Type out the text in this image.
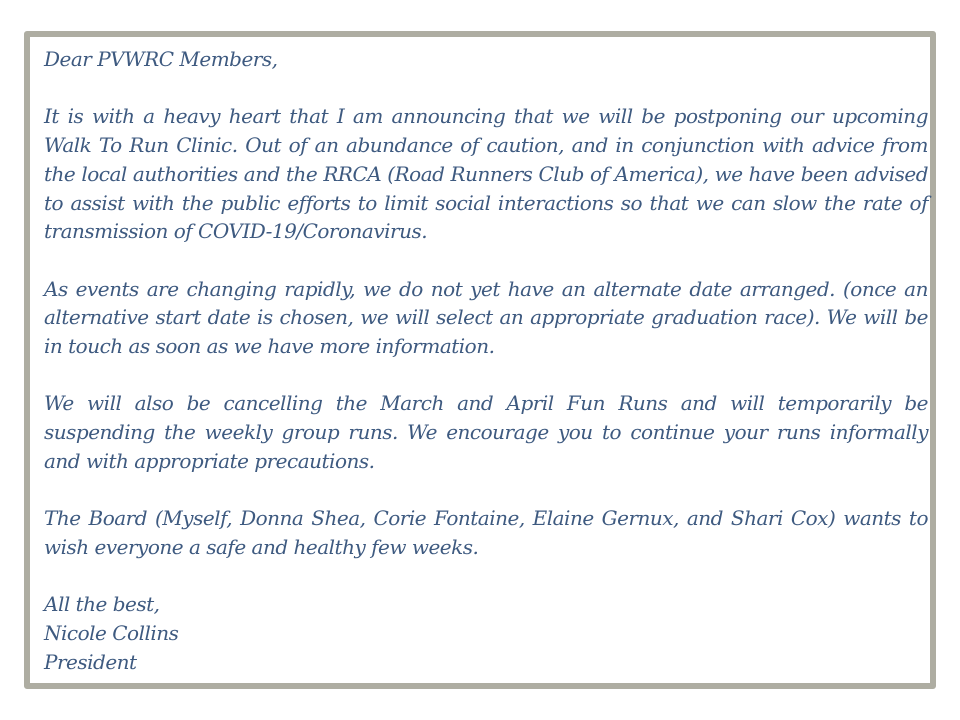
Dear PVWRC Members,

It is with a heavy heart that I am announcing that we will be postponing our upcoming Walk To Run Clinic. Out of an abundance of caution, and in conjunction with advice from the local authorities and the RRCA (Road Runners Club of America), we have been advised to assist with the public efforts to limit social interactions so that we can slow the rate of transmission of COVID-19/Coronavirus.

As events are changing rapidly, we do not yet have an alternate date arranged. (once an alternative start date is chosen, we will select an appropriate graduation race). We will be in touch as soon as we have more information.

We will also be cancelling the March and April Fun Runs and will temporarily be suspending the weekly group runs. We encourage you to continue your runs informally and with appropriate precautions.

The Board (Myself, Donna Shea, Corie Fontaine, Elaine Gernux, and Shari Cox) wants to wish everyone a safe and healthy few weeks.

All the best,
Nicole Collins
President
